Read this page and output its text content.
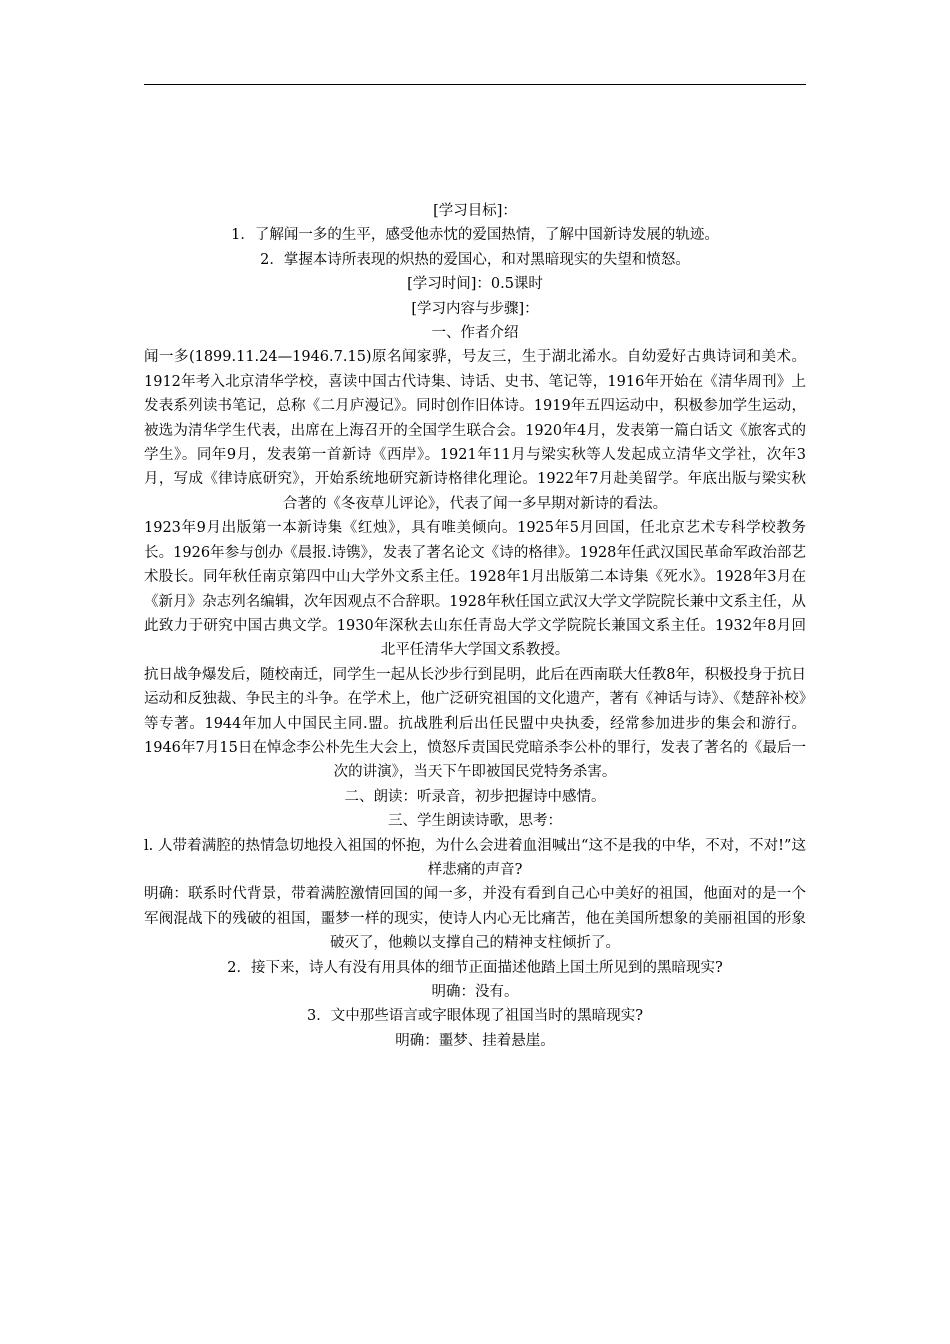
[学习目标]：

1．了解闻一多的生平，感受他赤忱的爱国热情，了解中国新诗发展的轨迹。

2．掌握本诗所表现的炽热的爱国心，和对黑暗现实的失望和愤怒。

[学习时间]：0.5课时

[学习内容与步骤]：

一、作者介绍

闻一多(1899.11.24—1946.7.15)原名闻家骅，号友三，生于湖北浠水。自幼爱好古典诗词和美术。1912年考入北京清华学校，喜读中国古代诗集、诗话、史书、笔记等，1916年开始在《清华周刊》上发表系列读书笔记，总称《二月庐漫记》。同时创作旧体诗。1919年五四运动中，积极参加学生运动，被选为清华学生代表，出席在上海召开的全国学生联合会。1920年4月，发表第一篇白话文《旅客式的学生》。同年9月，发表第一首新诗《西岸》。1921年11月与梁实秋等人发起成立清华文学社，次年3月，写成《律诗底研究》，开始系统地研究新诗格律化理论。1922年7月赴美留学。年底出版与梁实秋合著的《冬夜草儿评论》，代表了闻一多早期对新诗的看法。

1923年9月出版第一本新诗集《红烛》，具有唯美倾向。1925年5月回国，任北京艺术专科学校教务长。1926年参与创办《晨报.诗镌》，发表了著名论文《诗的格律》。1928年任武汉国民革命军政治部艺术股长。同年秋任南京第四中山大学外文系主任。1928年1月出版第二本诗集《死水》。1928年3月在《新月》杂志列名编辑，次年因观点不合辞职。1928年秋任国立武汉大学文学院院长兼中文系主任，从此致力于研究中国古典文学。1930年深秋去山东任青岛大学文学院院长兼国文系主任。1932年8月回北平任清华大学国文系教授。

抗日战争爆发后，随校南迁，同学生一起从长沙步行到昆明，此后在西南联大任教8年，积极投身于抗日运动和反独裁、争民主的斗争。在学术上，他广泛研究祖国的文化遗产，著有《神话与诗》、《楚辞补校》等专著。1944年加人中国民主同.盟。抗战胜利后出任民盟中央执委，经常参加进步的集会和游行。1946年7月15日在悼念李公朴先生大会上，愤怒斥责国民党暗杀李公朴的罪行，发表了著名的《最后一次的讲演》，当天下午即被国民党特务杀害。

二、朗读：听录音，初步把握诗中感情。

三、学生朗读诗歌，思考：

l. 人带着满腔的热情急切地投入祖国的怀抱，为什么会进着血泪喊出“这不是我的中华，不对，不对!”这样悲痛的声音?

明确：联系时代背景，带着满腔激情回国的闻一多，并没有看到自己心中美好的祖国，他面对的是一个军阀混战下的残破的祖国，噩梦一样的现实，使诗人内心无比痛苦，他在美国所想象的美丽祖国的形象破灭了，他赖以支撑自己的精神支柱倾折了。

2．接下来，诗人有没有用具体的细节正面描述他踏上国土所见到的黑暗现实?

明确：没有。

3．文中那些语言或字眼体现了祖国当时的黑暗现实?

明确：噩梦、挂着悬崖。
